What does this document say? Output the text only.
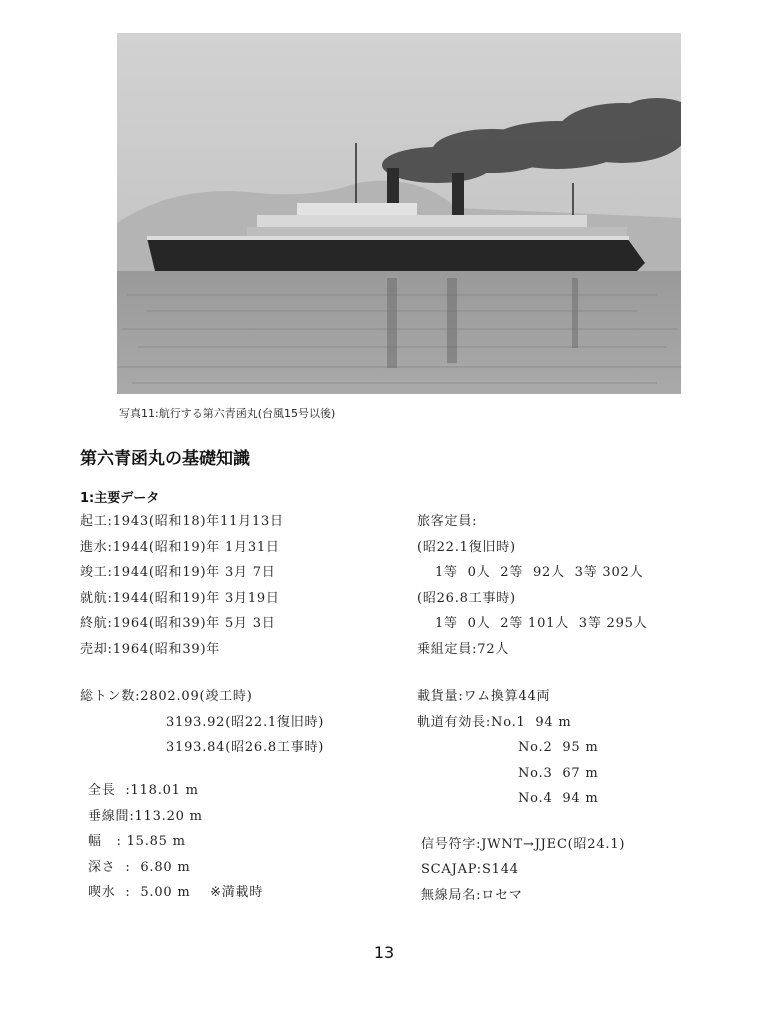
写真11:航行する第六青函丸(台風15号以後)
第六青函丸の基礎知識
1:主要データ
起工:1943(昭和18)年11月13日
進水:1944(昭和19)年 1月31日
竣工:1944(昭和19)年 3月 7日
就航:1944(昭和19)年 3月19日
終航:1964(昭和39)年 5月 3日
売却:1964(昭和39)年
旅客定員:
(昭22.1復旧時)
1等  0人  2等  92人  3等 302人
(昭26.8工事時)
1等  0人  2等 101人  3等 295人
乗組定員:72人
総トン数:2802.09(竣工時)
3193.92(昭22.1復旧時)
3193.84(昭26.8工事時)
載貨量:ワム換算44両
軌道有効長:No.1  94 m
No.2  95 m
No.3  67 m
No.4  94 m
全長  :118.01 m
垂線間:113.20 m
幅   : 15.85 m
深さ  :  6.80 m
喫水  :  5.00 m    ※満載時
信号符字:JWNT→JJEC(昭24.1)
SCAJAP:S144
無線局名:ロセマ
13
